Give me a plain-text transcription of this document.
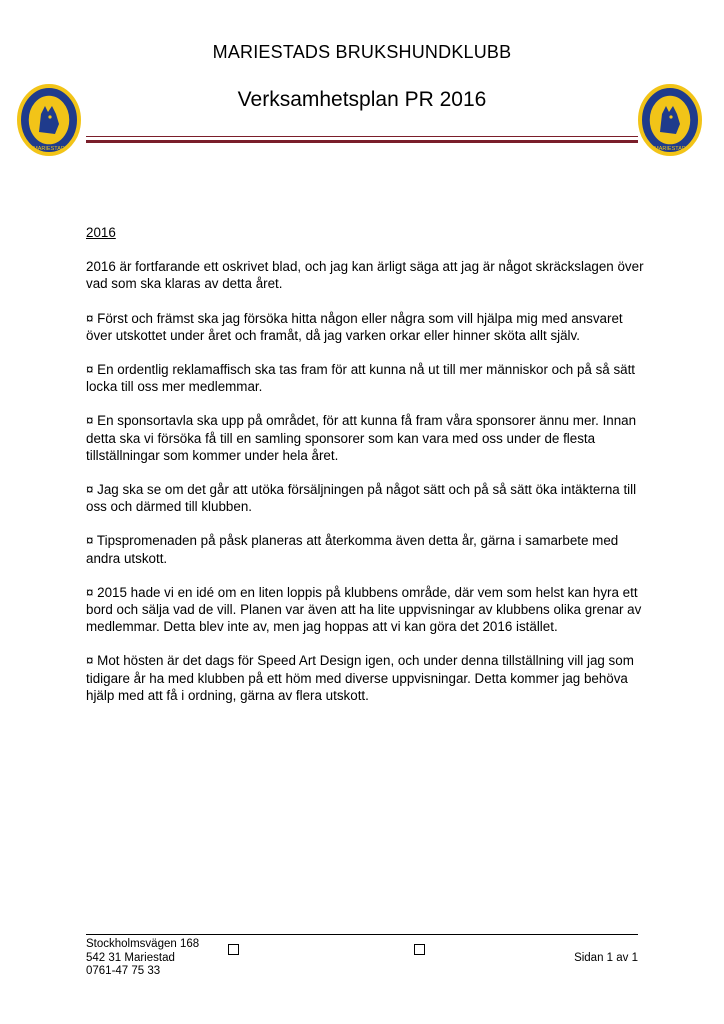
MARIESTAD	MARIESTAD
MARIESTADS BRUKSHUNDKLUBB
Verksamhetsplan PR 2016

2016

2016 är fortfarande ett oskrivet blad, och jag kan ärligt säga att jag är något skräckslagen över vad som ska klaras av detta året.

¤ Först och främst ska jag försöka hitta någon eller några som vill hjälpa mig med ansvaret över utskottet under året och framåt, då jag varken orkar eller hinner sköta allt själv.

¤ En ordentlig reklamaffisch ska tas fram för att kunna nå ut till mer människor och på så sätt locka till oss mer medlemmar.

¤ En sponsortavla ska upp på området, för att kunna få fram våra sponsorer ännu mer. Innan detta ska vi försöka få till en samling sponsorer som kan vara med oss under de flesta tillställningar som kommer under hela året.

¤ Jag ska se om det går att utöka försäljningen på något sätt och på så sätt öka intäkterna till oss och därmed till klubben.

¤ Tipspromenaden på påsk planeras att återkomma även detta år, gärna i samarbete med andra utskott.

¤ 2015 hade vi en idé om en liten loppis på klubbens område, där vem som helst kan hyra ett bord och sälja vad de vill. Planen var även att ha lite uppvisningar av klubbens olika grenar av medlemmar. Detta blev inte av, men jag hoppas att vi kan göra det 2016 istället.

¤ Mot hösten är det dags för Speed Art Design igen, och under denna tillställning vill jag som tidigare år ha med klubben på ett höm med diverse uppvisningar. Detta kommer jag behöva hjälp med att få i ordning, gärna av flera utskott.

Stockholmsvägen 168
542 31 Mariestad
0761-47 75 33
Sidan 1 av 1
